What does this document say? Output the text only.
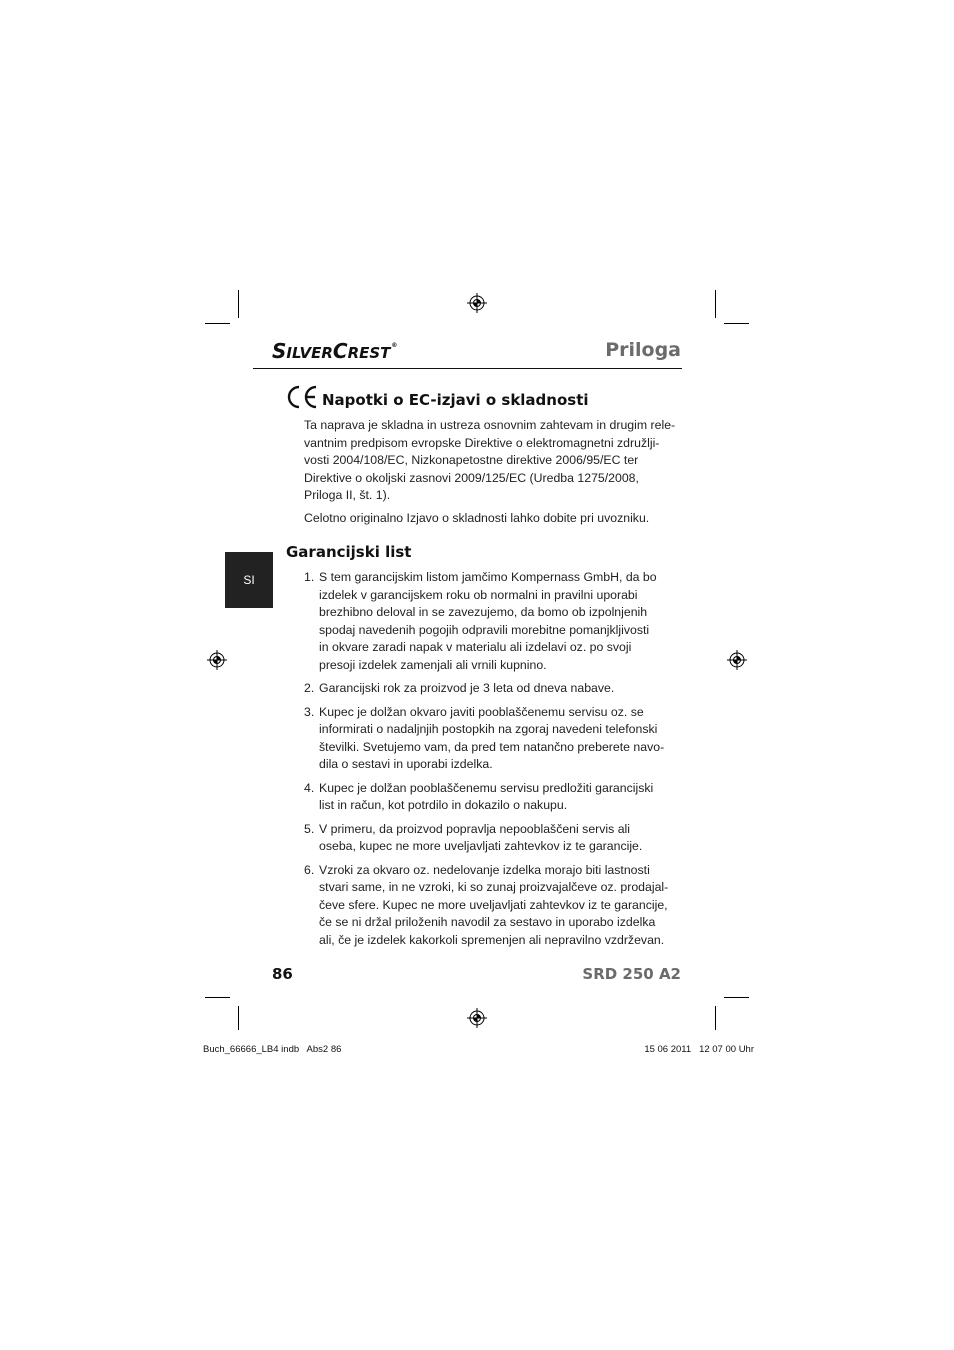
SILVERCREST®	Priloga
Napotki o EC-izjavi o skladnosti
Ta naprava je skladna in ustreza osnovnim zahtevam in drugim rele-
vantnim predpisom evropske Direktive o elektromagnetni združlji-
vosti 2004/108/EC, Nizkonapetostne direktive 2006/95/EC ter
Direktive o okoljski zasnovi 2009/125/EC (Uredba 1275/2008,
Priloga II, št. 1).
Celotno originalno Izjavo o skladnosti lahko dobite pri uvozniku.
SI
Garancijski list
1. S tem garancijskim listom jamčimo Kompernass GmbH, da bo
izdelek v garancijskem roku ob normalni in pravilni uporabi
brezhibno deloval in se zavezujemo, da bomo ob izpolnjenih
spodaj navedenih pogojih odpravili morebitne pomanjkljivosti
in okvare zaradi napak v materialu ali izdelavi oz. po svoji
presoji izdelek zamenjali ali vrnili kupnino.
2. Garancijski rok za proizvod je 3 leta od dneva nabave.
3. Kupec je dolžan okvaro javiti pooblaščenemu servisu oz. se
informirati o nadaljnjih postopkih na zgoraj navedeni telefonski
številki. Svetujemo vam, da pred tem natančno preberete navo-
dila o sestavi in uporabi izdelka.
4. Kupec je dolžan pooblaščenemu servisu predložiti garancijski
list in račun, kot potrdilo in dokazilo o nakupu.
5. V primeru, da proizvod popravlja nepooblaščeni servis ali
oseba, kupec ne more uveljavljati zahtevkov iz te garancije.
6. Vzroki za okvaro oz. nedelovanje izdelka morajo biti lastnosti
stvari same, in ne vzroki, ki so zunaj proizvajalčeve oz. prodajal-
čeve sfere. Kupec ne more uveljavljati zahtevkov iz te garancije,
če se ni držal priloženih navodil za sestavo in uporabo izdelka
ali, če je izdelek kakorkoli spremenjen ali nepravilno vzdrževan.
86	SRD 250 A2
Buch_66666_LB4 indb   Abs2 86	15 06 2011   12 07 00 Uhr
